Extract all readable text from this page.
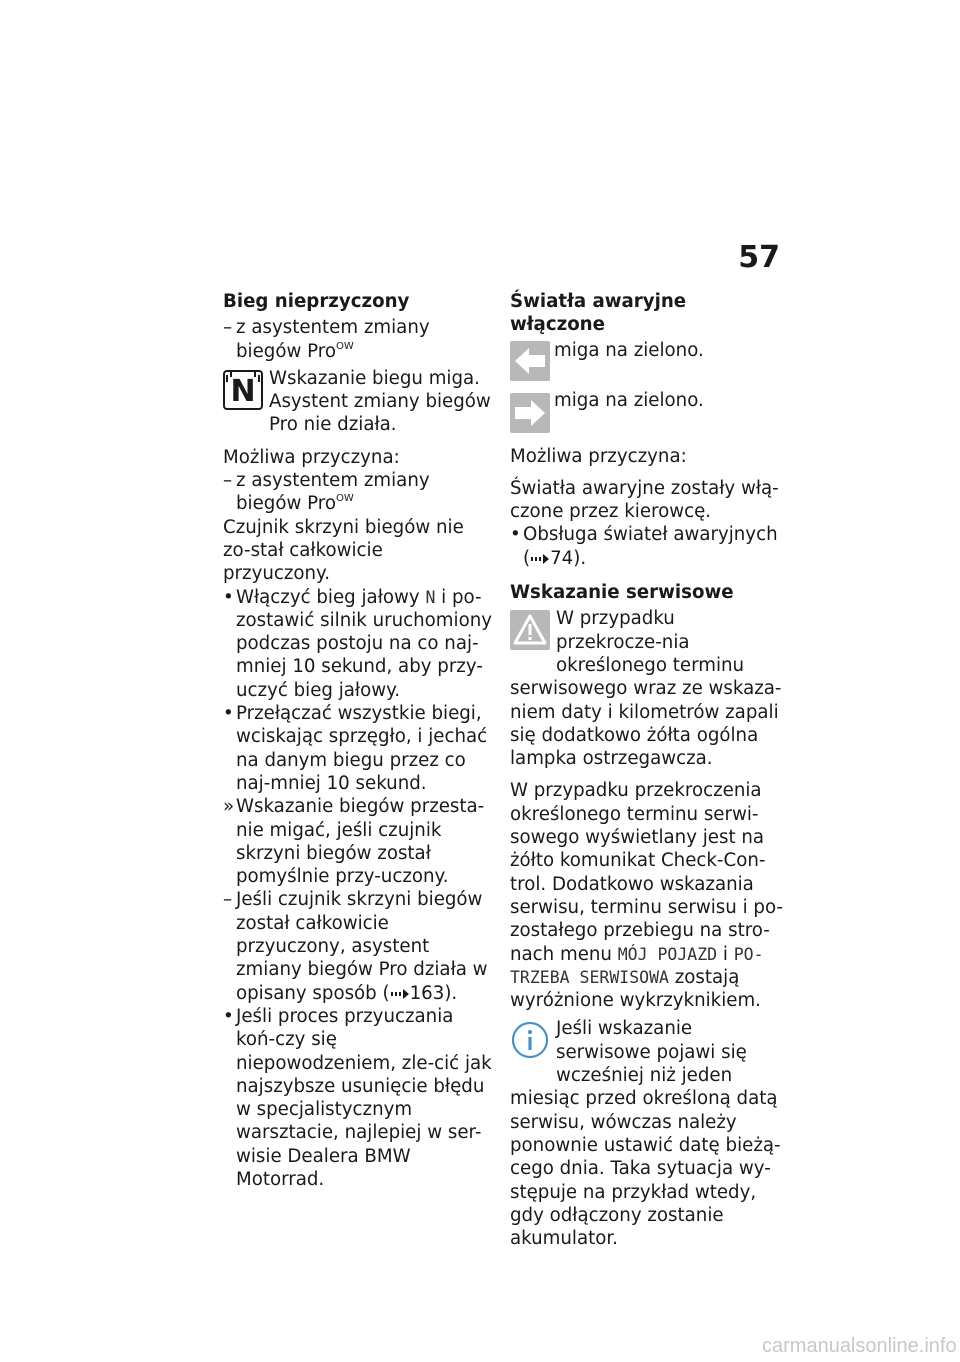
57

Bieg nieprzyczony

– z asystentem zmiany biegów Pro$^{OW}$
N Wskazanie biegu miga. Asystent zmiany biegów Pro nie działa.

Możliwa przyczyna:

– z asystentem zmiany biegów Pro$^{OW}$

Czujnik skrzyni biegów nie zo-stał całkowicie przyuczony.

• Włączyć bieg jałowy N i po-zostawić silnik uruchomiony podczas postoju na co naj-mniej 10 sekund, aby przy-uczyć bieg jałowy.
• Przełączać wszystkie biegi, wciskając sprzęgło, i jechać na danym biegu przez co naj-mniej 10 sekund.
» Wskazanie biegów przesta-nie migać, jeśli czujnik skrzyni biegów został pomyślnie przy-uczony.
– Jeśli czujnik skrzyni biegów został całkowicie przyuczony, asystent zmiany biegów Pro działa w opisany sposób ( 163).
• Jeśli proces przyuczania koń-czy się niepowodzeniem, zle-cić jak najszybsze usunięcie błędu w specjalistycznym warsztacie, najlepiej w ser-wisie Dealera BMW Motorrad.

Światła awaryjne włączone

miga na zielono.

miga na zielono.

Możliwa przyczyna:

Światła awaryjne zostały włą-czone przez kierowcę.

• Obsługa świateł awaryjnych ( 74).

Wskazanie serwisowe

W przypadku przekrocze-nia określonego terminu serwisowego wraz ze wskaza-niem daty i kilometrów zapali się dodatkowo żółta ogólna lampka ostrzegawcza.

W przypadku przekroczenia określonego terminu serwi-sowego wyświetlany jest na żółto komunikat Check-Con-trol. Dodatkowo wskazania serwisu, terminu serwisu i po-zostałego przebiegu na stro-nach menu MÓJ POJAZD i PO-TRZEBA SERWISOWA zostają wyróżnione wykrzyknikiem.

Jeśli wskazanie serwisowe pojawi się wcześniej niż jeden miesiąc przed określoną datą serwisu, wówczas należy ponownie ustawić datę bieżą-cego dnia. Taka sytuacja wy-stępuje na przykład wtedy, gdy odłączony zostanie akumulator.

carmanualsonline.info
